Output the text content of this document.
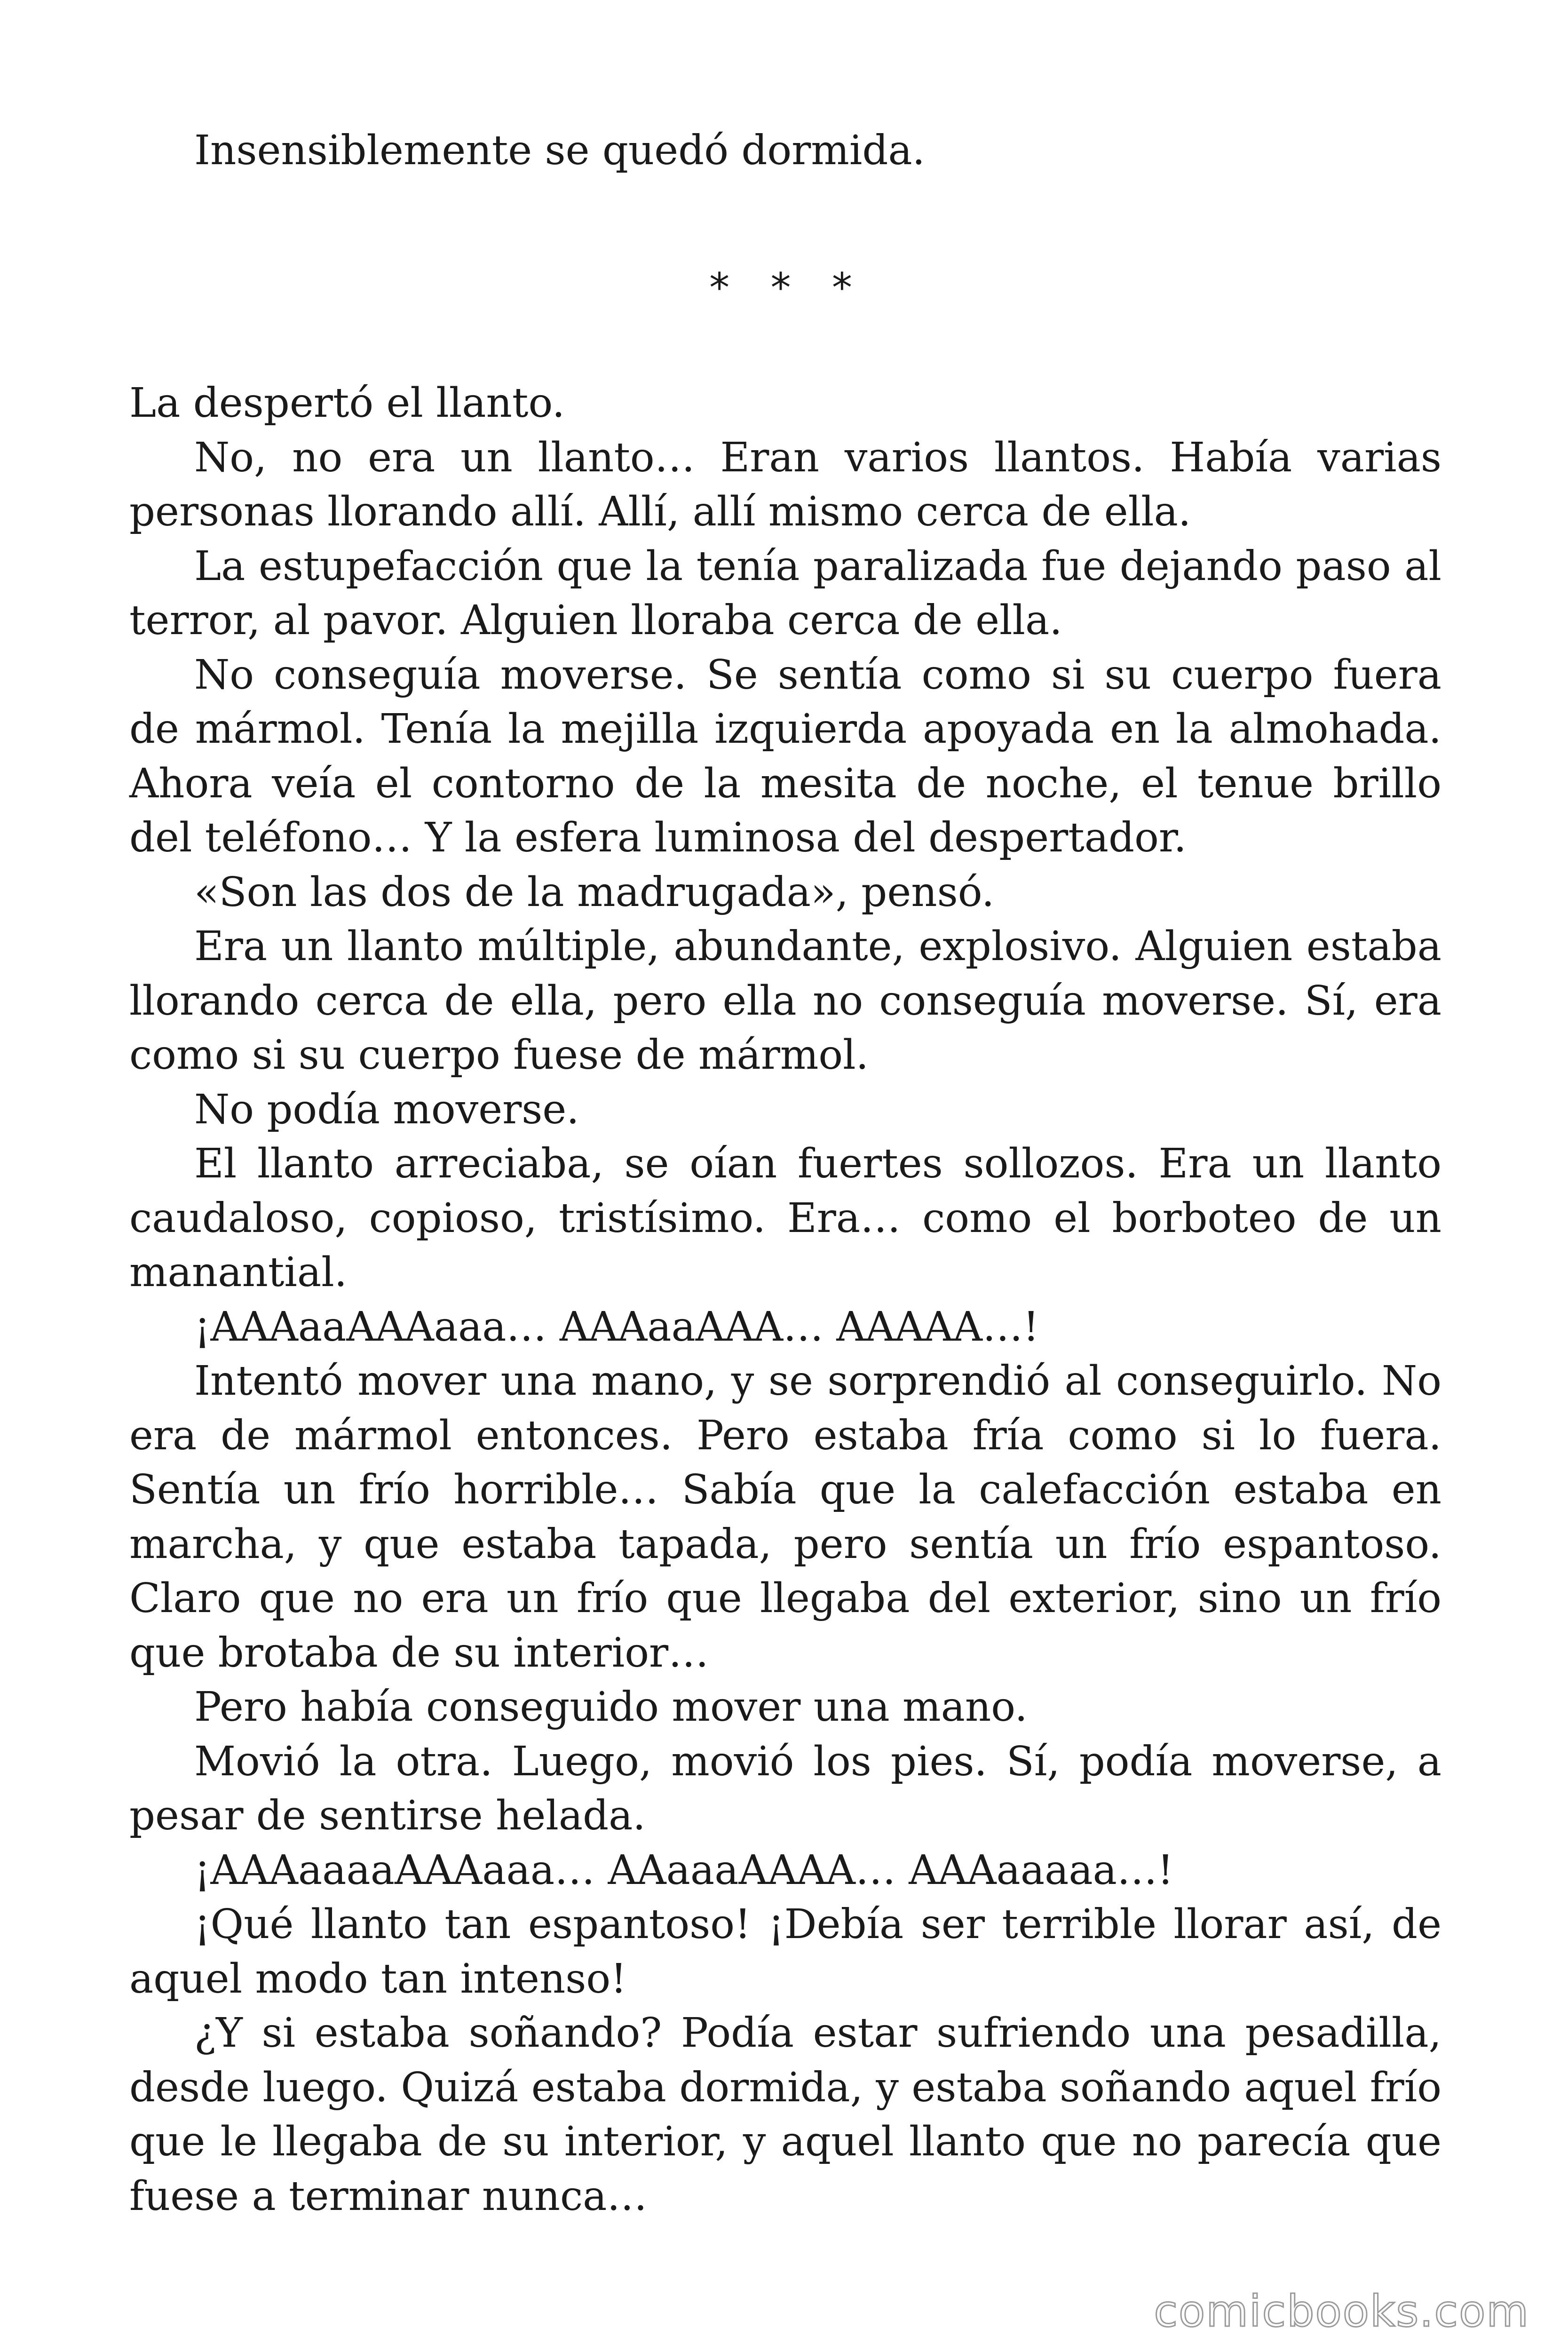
Insensiblemente se quedó dormida.

* * *

La despertó el llanto.

No, no era un llanto… Eran varios llantos. Había varias personas llorando allí. Allí, allí mismo cerca de ella.

La estupefacción que la tenía paralizada fue dejando paso al terror, al pavor. Alguien lloraba cerca de ella.

No conseguía moverse. Se sentía como si su cuerpo fuera de mármol. Tenía la mejilla izquierda apoyada en la almohada. Ahora veía el contorno de la mesita de noche, el tenue brillo del teléfono… Y la esfera luminosa del despertador.

«Son las dos de la madrugada», pensó.

Era un llanto múltiple, abundante, explosivo. Alguien estaba llorando cerca de ella, pero ella no conseguía moverse. Sí, era como si su cuerpo fuese de mármol.

No podía moverse.

El llanto arreciaba, se oían fuertes sollozos. Era un llanto caudaloso, copioso, tristísimo. Era… como el borboteo de un manantial.

¡AAAaaAAAaaa… AAAaaAAA… AAAAA…!

Intentó mover una mano, y se sorprendió al conseguirlo. No era de mármol entonces. Pero estaba fría como si lo fuera. Sentía un frío horrible… Sabía que la calefacción estaba en marcha, y que estaba tapada, pero sentía un frío espantoso. Claro que no era un frío que llegaba del exterior, sino un frío que brotaba de su interior…

Pero había conseguido mover una mano.

Movió la otra. Luego, movió los pies. Sí, podía moverse, a pesar de sentirse helada.

¡AAAaaaaAAAaaa… AAaaaAAAA… AAAaaaaa…!

¡Qué llanto tan espantoso! ¡Debía ser terrible llorar así, de aquel modo tan intenso!

¿Y si estaba soñando? Podía estar sufriendo una pesadilla, desde luego. Quizá estaba dormida, y estaba soñando aquel frío que le llegaba de su interior, y aquel llanto que no parecía que fuese a terminar nunca…

comicbooks.com
